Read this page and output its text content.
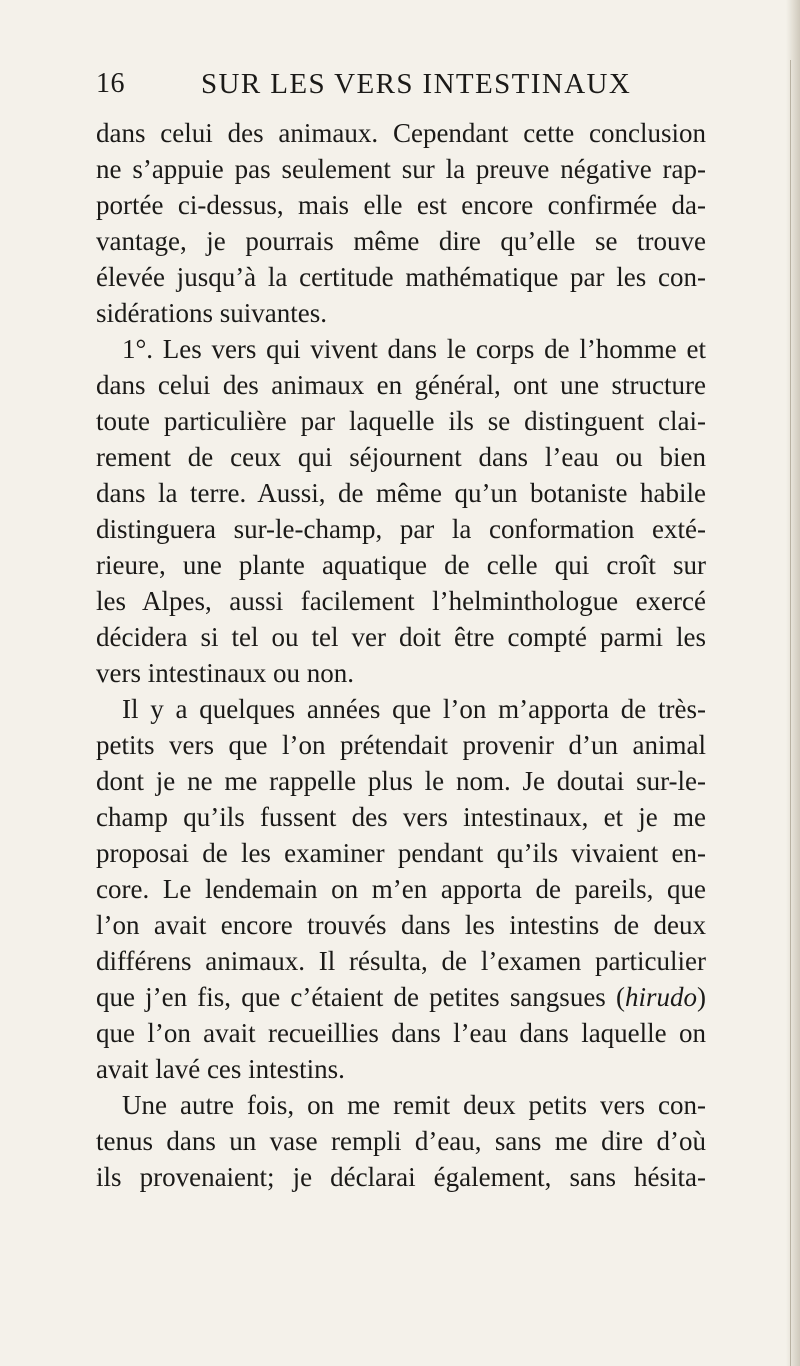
16	SUR LES VERS INTESTINAUX
dans celui des animaux. Cependant cette conclusion
ne s’appuie pas seulement sur la preuve négative rap-
portée ci-dessus, mais elle est encore confirmée da-
vantage, je pourrais même dire qu’elle se trouve
élevée jusqu’à la certitude mathématique par les con-
sidérations suivantes.
1°. Les vers qui vivent dans le corps de l’homme et
dans celui des animaux en général, ont une structure
toute particulière par laquelle ils se distinguent clai-
rement de ceux qui séjournent dans l’eau ou bien
dans la terre. Aussi, de même qu’un botaniste habile
distinguera sur-le-champ, par la conformation exté-
rieure, une plante aquatique de celle qui croît sur
les Alpes, aussi facilement l’helminthologue exercé
décidera si tel ou tel ver doit être compté parmi les
vers intestinaux ou non.
Il y a quelques années que l’on m’apporta de très-
petits vers que l’on prétendait provenir d’un animal
dont je ne me rappelle plus le nom. Je doutai sur-le-
champ qu’ils fussent des vers intestinaux, et je me
proposai de les examiner pendant qu’ils vivaient en-
core. Le lendemain on m’en apporta de pareils, que
l’on avait encore trouvés dans les intestins de deux
différens animaux. Il résulta, de l’examen particulier
que j’en fis, que c’étaient de petites sangsues (hirudo)
que l’on avait recueillies dans l’eau dans laquelle on
avait lavé ces intestins.
Une autre fois, on me remit deux petits vers con-
tenus dans un vase rempli d’eau, sans me dire d’où
ils provenaient; je déclarai également, sans hésita-
